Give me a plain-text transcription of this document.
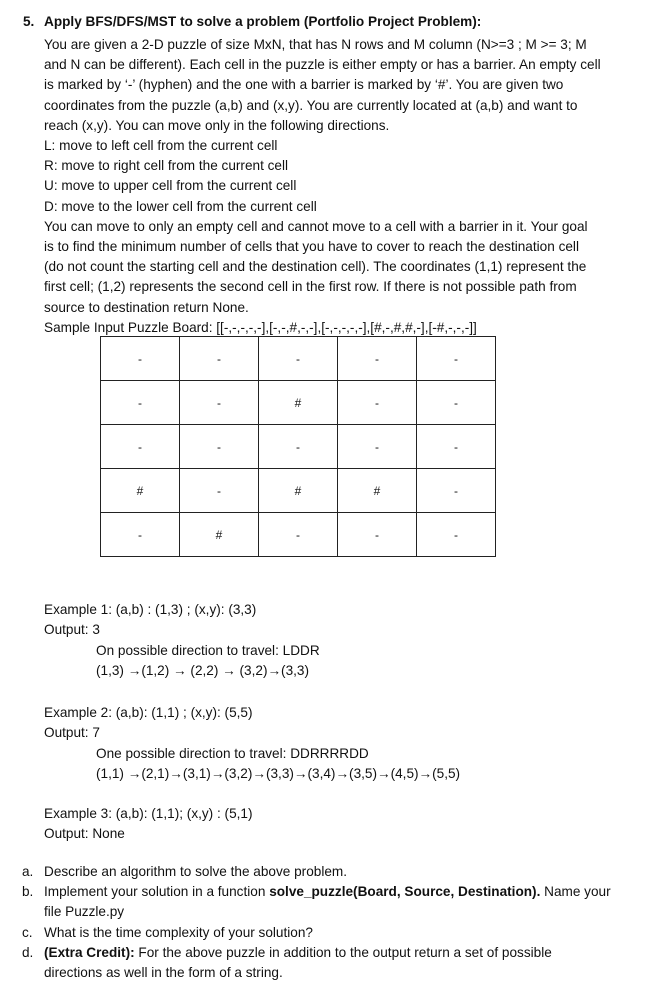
5. Apply BFS/DFS/MST to solve a problem (Portfolio Project Problem):

You are given a 2-D puzzle of size MxN, that has N rows and M column (N>=3 ; M >= 3; M

and N can be different). Each cell in the puzzle is either empty or has a barrier. An empty cell

is marked by ‘-’ (hyphen) and the one with a barrier is marked by ‘#’. You are given two

coordinates from the puzzle (a,b) and (x,y). You are currently located at (a,b) and want to

reach (x,y). You can move only in the following directions.

L: move to left cell from the current cell

R: move to right cell from the current cell

U: move to upper cell from the current cell

D: move to the lower cell from the current cell

You can move to only an empty cell and cannot move to a cell with a barrier in it. Your goal

is to find the minimum number of cells that you have to cover to reach the destination cell

(do not count the starting cell and the destination cell). The coordinates (1,1) represent the

first cell; (1,2) represents the second cell in the first row. If there is not possible path from

source to destination return None.

Sample Input Puzzle Board: [[-,-,-,-,-],[-,-,#,-,-],[-,-,-,-,-],[#,-,#,#,-],[-#,-,-,-]]

-	-	-	-	-
-	-	#	-	-
-	-	-	-	-
#	-	#	#	-
-	#	-	-	-
Example 1: (a,b) : (1,3) ; (x,y): (3,3)
Output: 3
On possible direction to travel: LDDR
(1,3) →(1,2) → (2,2) → (3,2)→(3,3)
Example 2: (a,b): (1,1) ; (x,y): (5,5)
Output: 7
One possible direction to travel: DDRRRRDD
(1,1) →(2,1)→(3,1)→(3,2)→(3,3)→(3,4)→(3,5)→(4,5)→(5,5)
Example 3: (a,b): (1,1); (x,y) : (5,1)
Output: None
a. Describe an algorithm to solve the above problem.
b. Implement your solution in a function solve_puzzle(Board, Source, Destination). Name your
file Puzzle.py
c. What is the time complexity of your solution?
d. (Extra Credit): For the above puzzle in addition to the output return a set of possible
directions as well in the form of a string.
